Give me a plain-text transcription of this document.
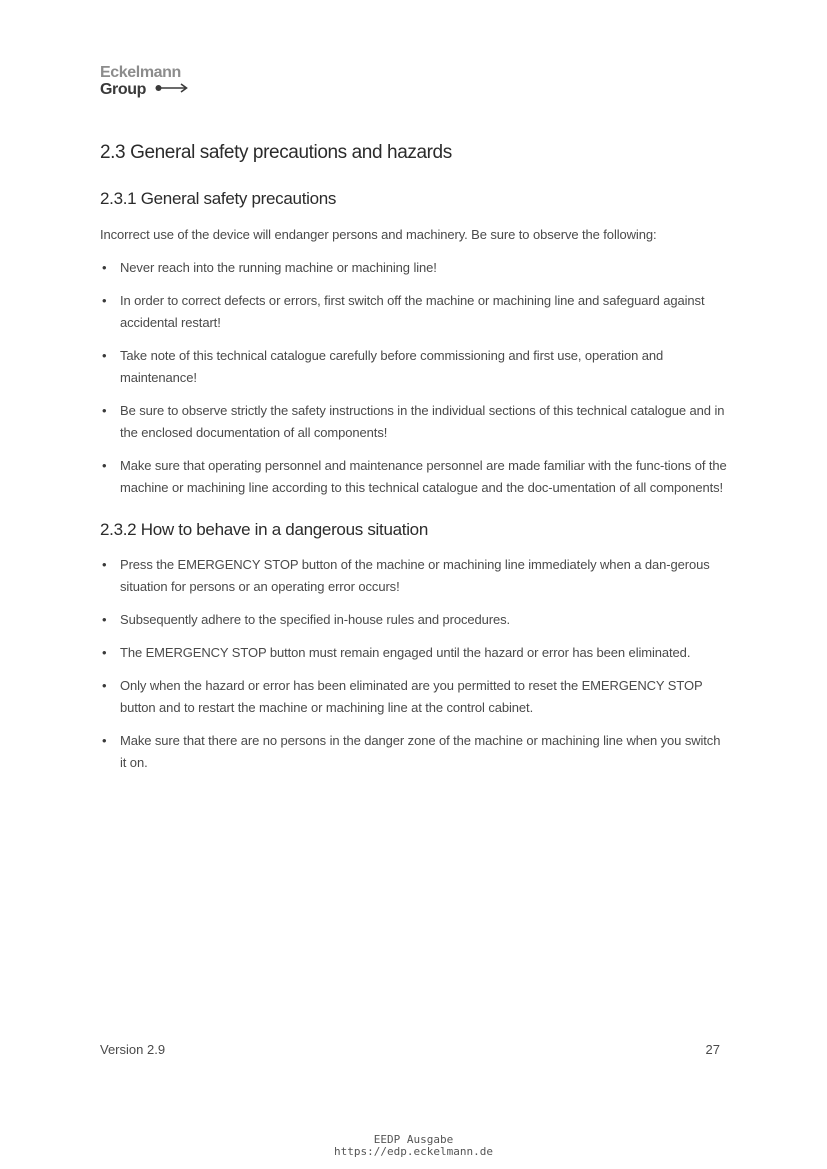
Eckelmann
Group
2.3 General safety precautions and hazards
2.3.1 General safety precautions

Incorrect use of the device will endanger persons and machinery. Be sure to observe the following:

• Never reach into the running machine or machining line!
• In order to correct defects or errors, first switch off the machine or machining line and safeguard against accidental restart!
• Take note of this technical catalogue carefully before commissioning and first use, operation and maintenance!
• Be sure to observe strictly the safety instructions in the individual sections of this technical catalogue and in the enclosed documentation of all components!
• Make sure that operating personnel and maintenance personnel are made familiar with the func-tions of the machine or machining line according to this technical catalogue and the doc-umentation of all components!
2.3.2 How to behave in a dangerous situation
• Press the EMERGENCY STOP button of the machine or machining line immediately when a dan-gerous situation for persons or an operating error occurs!
• Subsequently adhere to the specified in-house rules and procedures.
• The EMERGENCY STOP button must remain engaged until the hazard or error has been eliminated.
• Only when the hazard or error has been eliminated are you permitted to reset the EMERGENCY STOP button and to restart the machine or machining line at the control cabinet.
• Make sure that there are no persons in the danger zone of the machine or machining line when you switch it on.
Version 2.9	27
EEDP Ausgabe
https://edp.eckelmann.de
